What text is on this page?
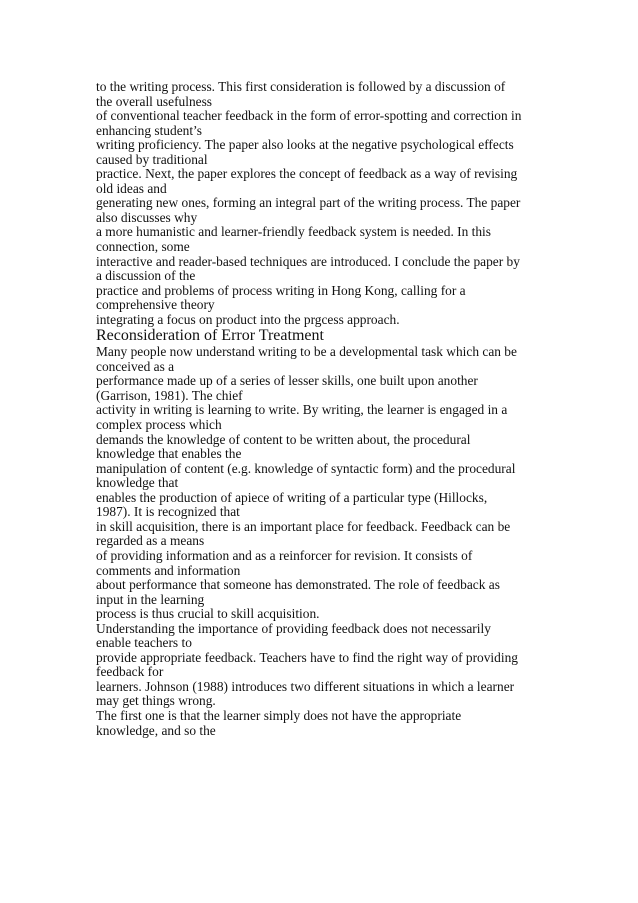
to the writing process. This first consideration is followed by a discussion of
the overall usefulness
of conventional teacher feedback in the form of error-spotting and correction in
enhancing student’s
writing proficiency. The paper also looks at the negative psychological effects
caused by traditional
practice. Next, the paper explores the concept of feedback as a way of revising
old ideas and
generating new ones, forming an integral part of the writing process. The paper
also discusses why
a more humanistic and learner-friendly feedback system is needed. In this
connection, some
interactive and reader-based techniques are introduced. I conclude the paper by
a discussion of the
practice and problems of process writing in Hong Kong, calling for a
comprehensive theory
integrating a focus on product into the prgcess approach.
Reconsideration of Error Treatment
Many people now understand writing to be a developmental task which can be
conceived as a
performance made up of a series of lesser skills, one built upon another
(Garrison, 1981). The chief
activity in writing is learning to write. By writing, the learner is engaged in a
complex process which
demands the knowledge of content to be written about, the procedural
knowledge that enables the
manipulation of content (e.g. knowledge of syntactic form) and the procedural
knowledge that
enables the production of apiece of writing of a particular type (Hillocks,
1987). It is recognized that
in skill acquisition, there is an important place for feedback. Feedback can be
regarded as a means
of providing information and as a reinforcer for revision. It consists of
comments and information
about performance that someone has demonstrated. The role of feedback as
input in the learning
process is thus crucial to skill acquisition.
Understanding the importance of providing feedback does not necessarily
enable teachers to
provide appropriate feedback. Teachers have to find the right way of providing
feedback for
learners. Johnson (1988) introduces two different situations in which a learner
may get things wrong.
The first one is that the learner simply does not have the appropriate
knowledge, and so the
